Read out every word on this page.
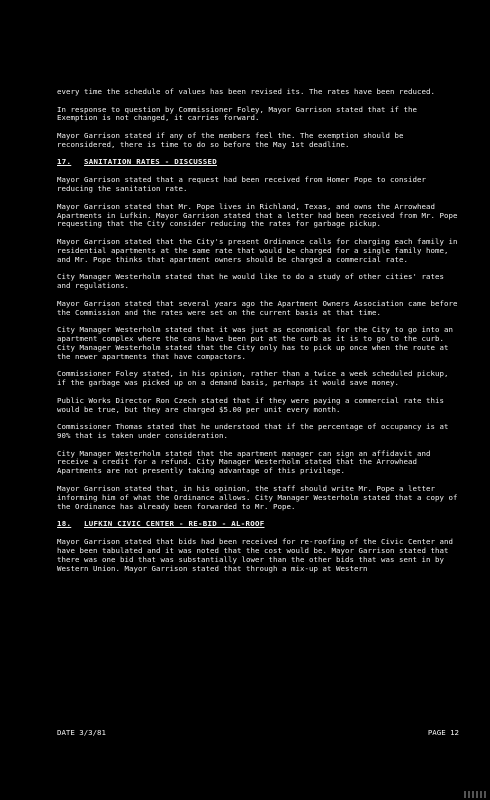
every time the schedule of values has been revised its. The rates have been reduced.

In response to question by Commissioner Foley, Mayor Garrison stated that if the Exemption is not changed, it carries forward.

Mayor Garrison stated if any of the members feel the. The exemption should be reconsidered, there is time to do so before the May 1st deadline.

17. SANITATION RATES - DISCUSSED

Mayor Garrison stated that a request had been received from Homer Pope to consider reducing the sanitation rate.

Mayor Garrison stated that Mr. Pope lives in Richland, Texas, and owns the Arrowhead Apartments in Lufkin. Mayor Garrison stated that a letter had been received from Mr. Pope requesting that the City consider reducing the rates for garbage pickup.

Mayor Garrison stated that the City's present Ordinance calls for charging each family in residential apartments at the same rate that would be charged for a single family home, and Mr. Pope thinks that apartment owners should be charged a commercial rate.

City Manager Westerholm stated that he would like to do a study of other cities' rates and regulations.

Mayor Garrison stated that several years ago the Apartment Owners Association came before the Commission and the rates were set on the current basis at that time.

City Manager Westerholm stated that it was just as economical for the City to go into an apartment complex where the cans have been put at the curb as it is to go to the curb. City Manager Westerholm stated that the City only has to pick up once when the route at the newer apartments that have compactors.

Commissioner Foley stated, in his opinion, rather than a twice a week scheduled pickup, if the garbage was picked up on a demand basis, perhaps it would save money.

Public Works Director Ron Czech stated that if they were paying a commercial rate this would be true, but they are charged $5.00 per unit every month.

Commissioner Thomas stated that he understood that if the percentage of occupancy is at 90% that is taken under consideration.

City Manager Westerholm stated that the apartment manager can sign an affidavit and receive a credit for a refund. City Manager Westerholm stated that the Arrowhead Apartments are not presently taking advantage of this privilege.

Mayor Garrison stated that, in his opinion, the staff should write Mr. Pope a letter informing him of what the Ordinance allows. City Manager Westerholm stated that a copy of the Ordinance has already been forwarded to Mr. Pope.

18. LUFKIN CIVIC CENTER - RE-BID - AL-ROOF

Mayor Garrison stated that bids had been received for re-roofing of the Civic Center and have been tabulated and it was noted that the cost would be. Mayor Garrison stated that there was one bid that was substantially lower than the other bids that was sent in by Western Union. Mayor Garrison stated that through a mix-up at Western

DATE 3/3/81	PAGE 12
